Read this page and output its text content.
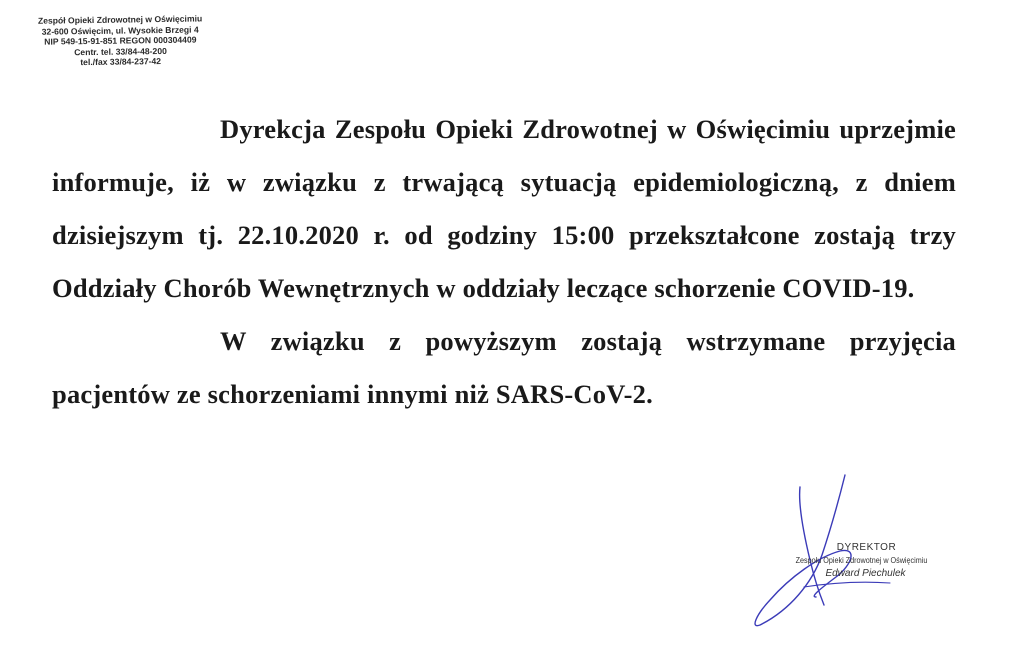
Zespół Opieki Zdrowotnej w Oświęcimiu
32-600 Oświęcim, ul. Wysokie Brzegi 4
NIP 549-15-91-851 REGON 000304409
Centr. tel. 33/84-48-200
tel./fax 33/84-237-42

Dyrekcja Zespołu Opieki Zdrowotnej w Oświęcimiu uprzejmie informuje, iż w związku z trwającą sytuacją epidemiologiczną, z dniem dzisiejszym tj. 22.10.2020 r. od godziny 15:00 przekształcone zostają trzy Oddziały Chorób Wewnętrznych w oddziały leczące schorzenie COVID-19.

W związku z powyższym zostają wstrzymane przyjęcia pacjentów ze schorzeniami innymi niż SARS-CoV-2.

DYREKTOR
Zespołu Opieki Zdrowotnej w Oświęcimiu
Edward Piechulek
